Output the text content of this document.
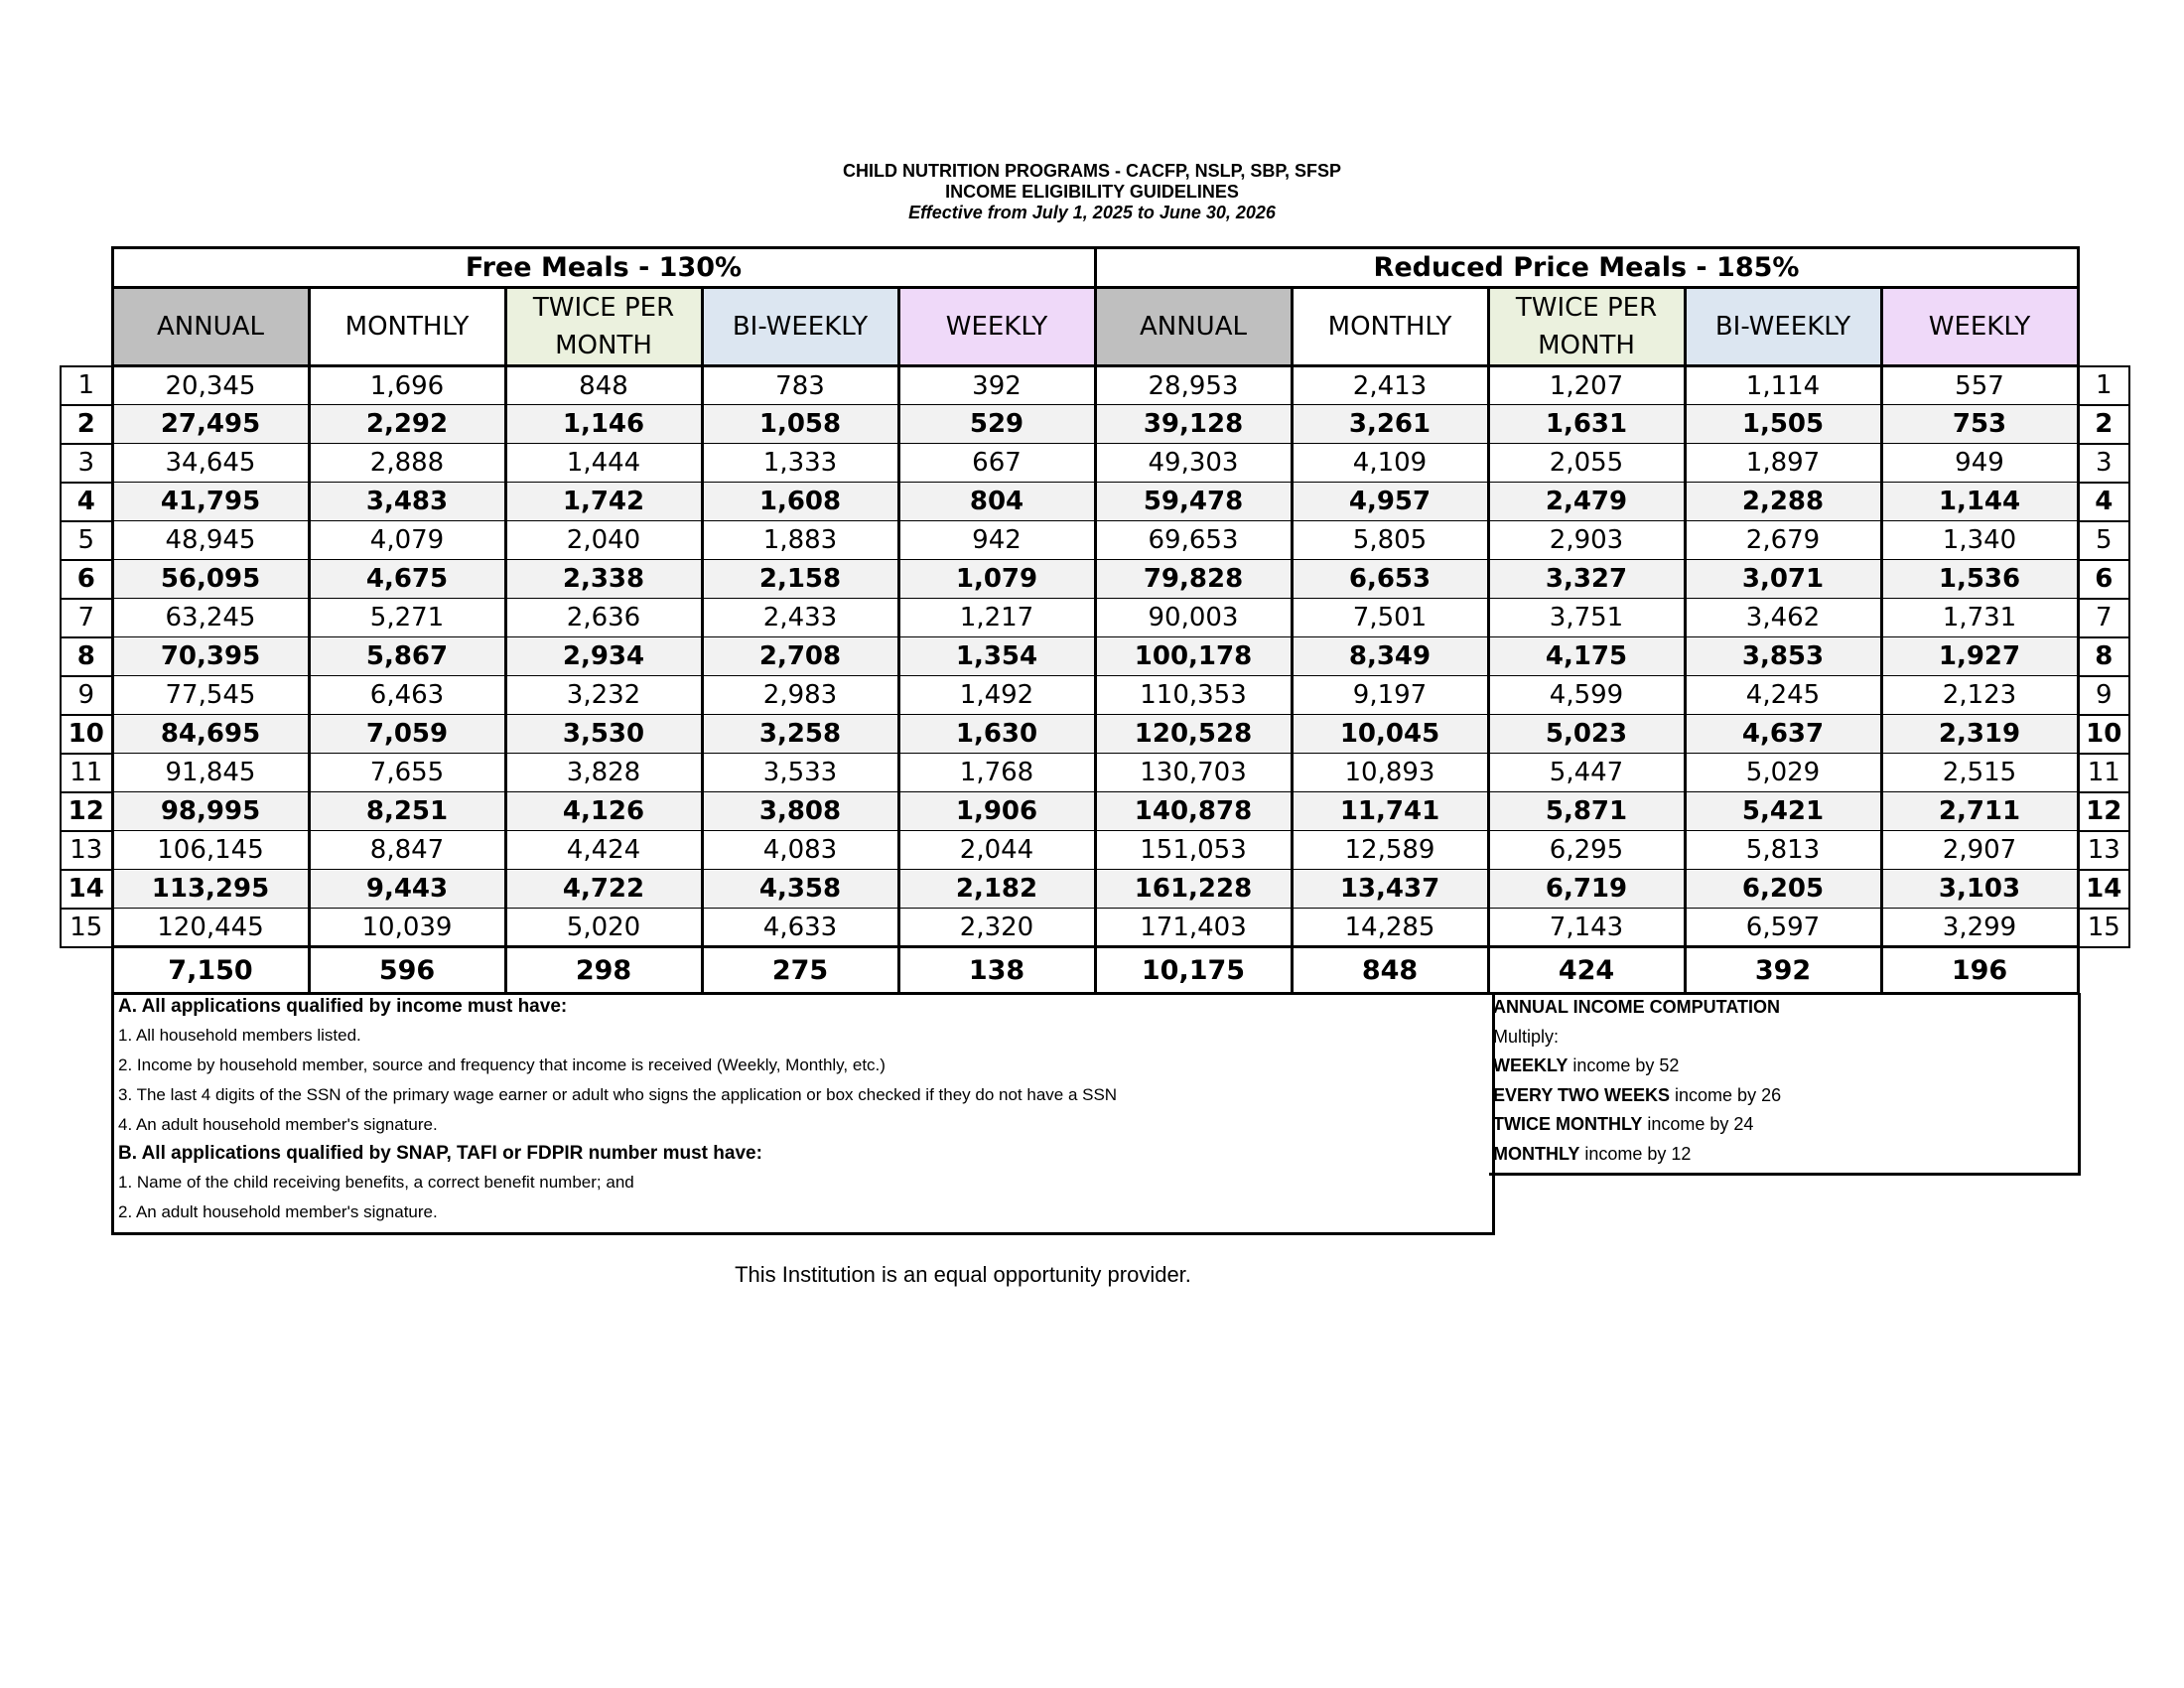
CHILD NUTRITION PROGRAMS - CACFP, NSLP, SBP, SFSP
INCOME ELIGIBILITY GUIDELINES
Effective from July 1, 2025 to June 30, 2026
	Free Meals - 130%					Reduced Price Meals - 185%					
	ANNUAL	MONTHLY	TWICE PER MONTH	BI-WEEKLY	WEEKLY	ANNUAL	MONTHLY	TWICE PER MONTH	BI-WEEKLY	WEEKLY	
1	20,345	1,696	848	783	392	28,953	2,413	1,207	1,114	557	1
2	27,495	2,292	1,146	1,058	529	39,128	3,261	1,631	1,505	753	2
3	34,645	2,888	1,444	1,333	667	49,303	4,109	2,055	1,897	949	3
4	41,795	3,483	1,742	1,608	804	59,478	4,957	2,479	2,288	1,144	4
5	48,945	4,079	2,040	1,883	942	69,653	5,805	2,903	2,679	1,340	5
6	56,095	4,675	2,338	2,158	1,079	79,828	6,653	3,327	3,071	1,536	6
7	63,245	5,271	2,636	2,433	1,217	90,003	7,501	3,751	3,462	1,731	7
8	70,395	5,867	2,934	2,708	1,354	100,178	8,349	4,175	3,853	1,927	8
9	77,545	6,463	3,232	2,983	1,492	110,353	9,197	4,599	4,245	2,123	9
10	84,695	7,059	3,530	3,258	1,630	120,528	10,045	5,023	4,637	2,319	10
11	91,845	7,655	3,828	3,533	1,768	130,703	10,893	5,447	5,029	2,515	11
12	98,995	8,251	4,126	3,808	1,906	140,878	11,741	5,871	5,421	2,711	12
13	106,145	8,847	4,424	4,083	2,044	151,053	12,589	6,295	5,813	2,907	13
14	113,295	9,443	4,722	4,358	2,182	161,228	13,437	6,719	6,205	3,103	14
15	120,445	10,039	5,020	4,633	2,320	171,403	14,285	7,143	6,597	3,299	15
	7,150	596	298	275	138	10,175	848	424	392	196	
A. All applications qualified by income must have:
1. All household members listed.
2. Income by household member, source and frequency that income is received (Weekly, Monthly, etc.)
3. The last 4 digits of the SSN of the primary wage earner or adult who signs the application or box checked if they do not have a SSN
4. An adult household member's signature.
B. All applications qualified by SNAP, TAFI or FDPIR number must have:
1. Name of the child receiving benefits, a correct benefit number; and
2. An adult household member's signature.
ANNUAL INCOME COMPUTATION
Multiply:
WEEKLY income by 52
EVERY TWO WEEKS income by 26
TWICE MONTHLY income by 24
MONTHLY income by 12
This Institution is an equal opportunity provider.
